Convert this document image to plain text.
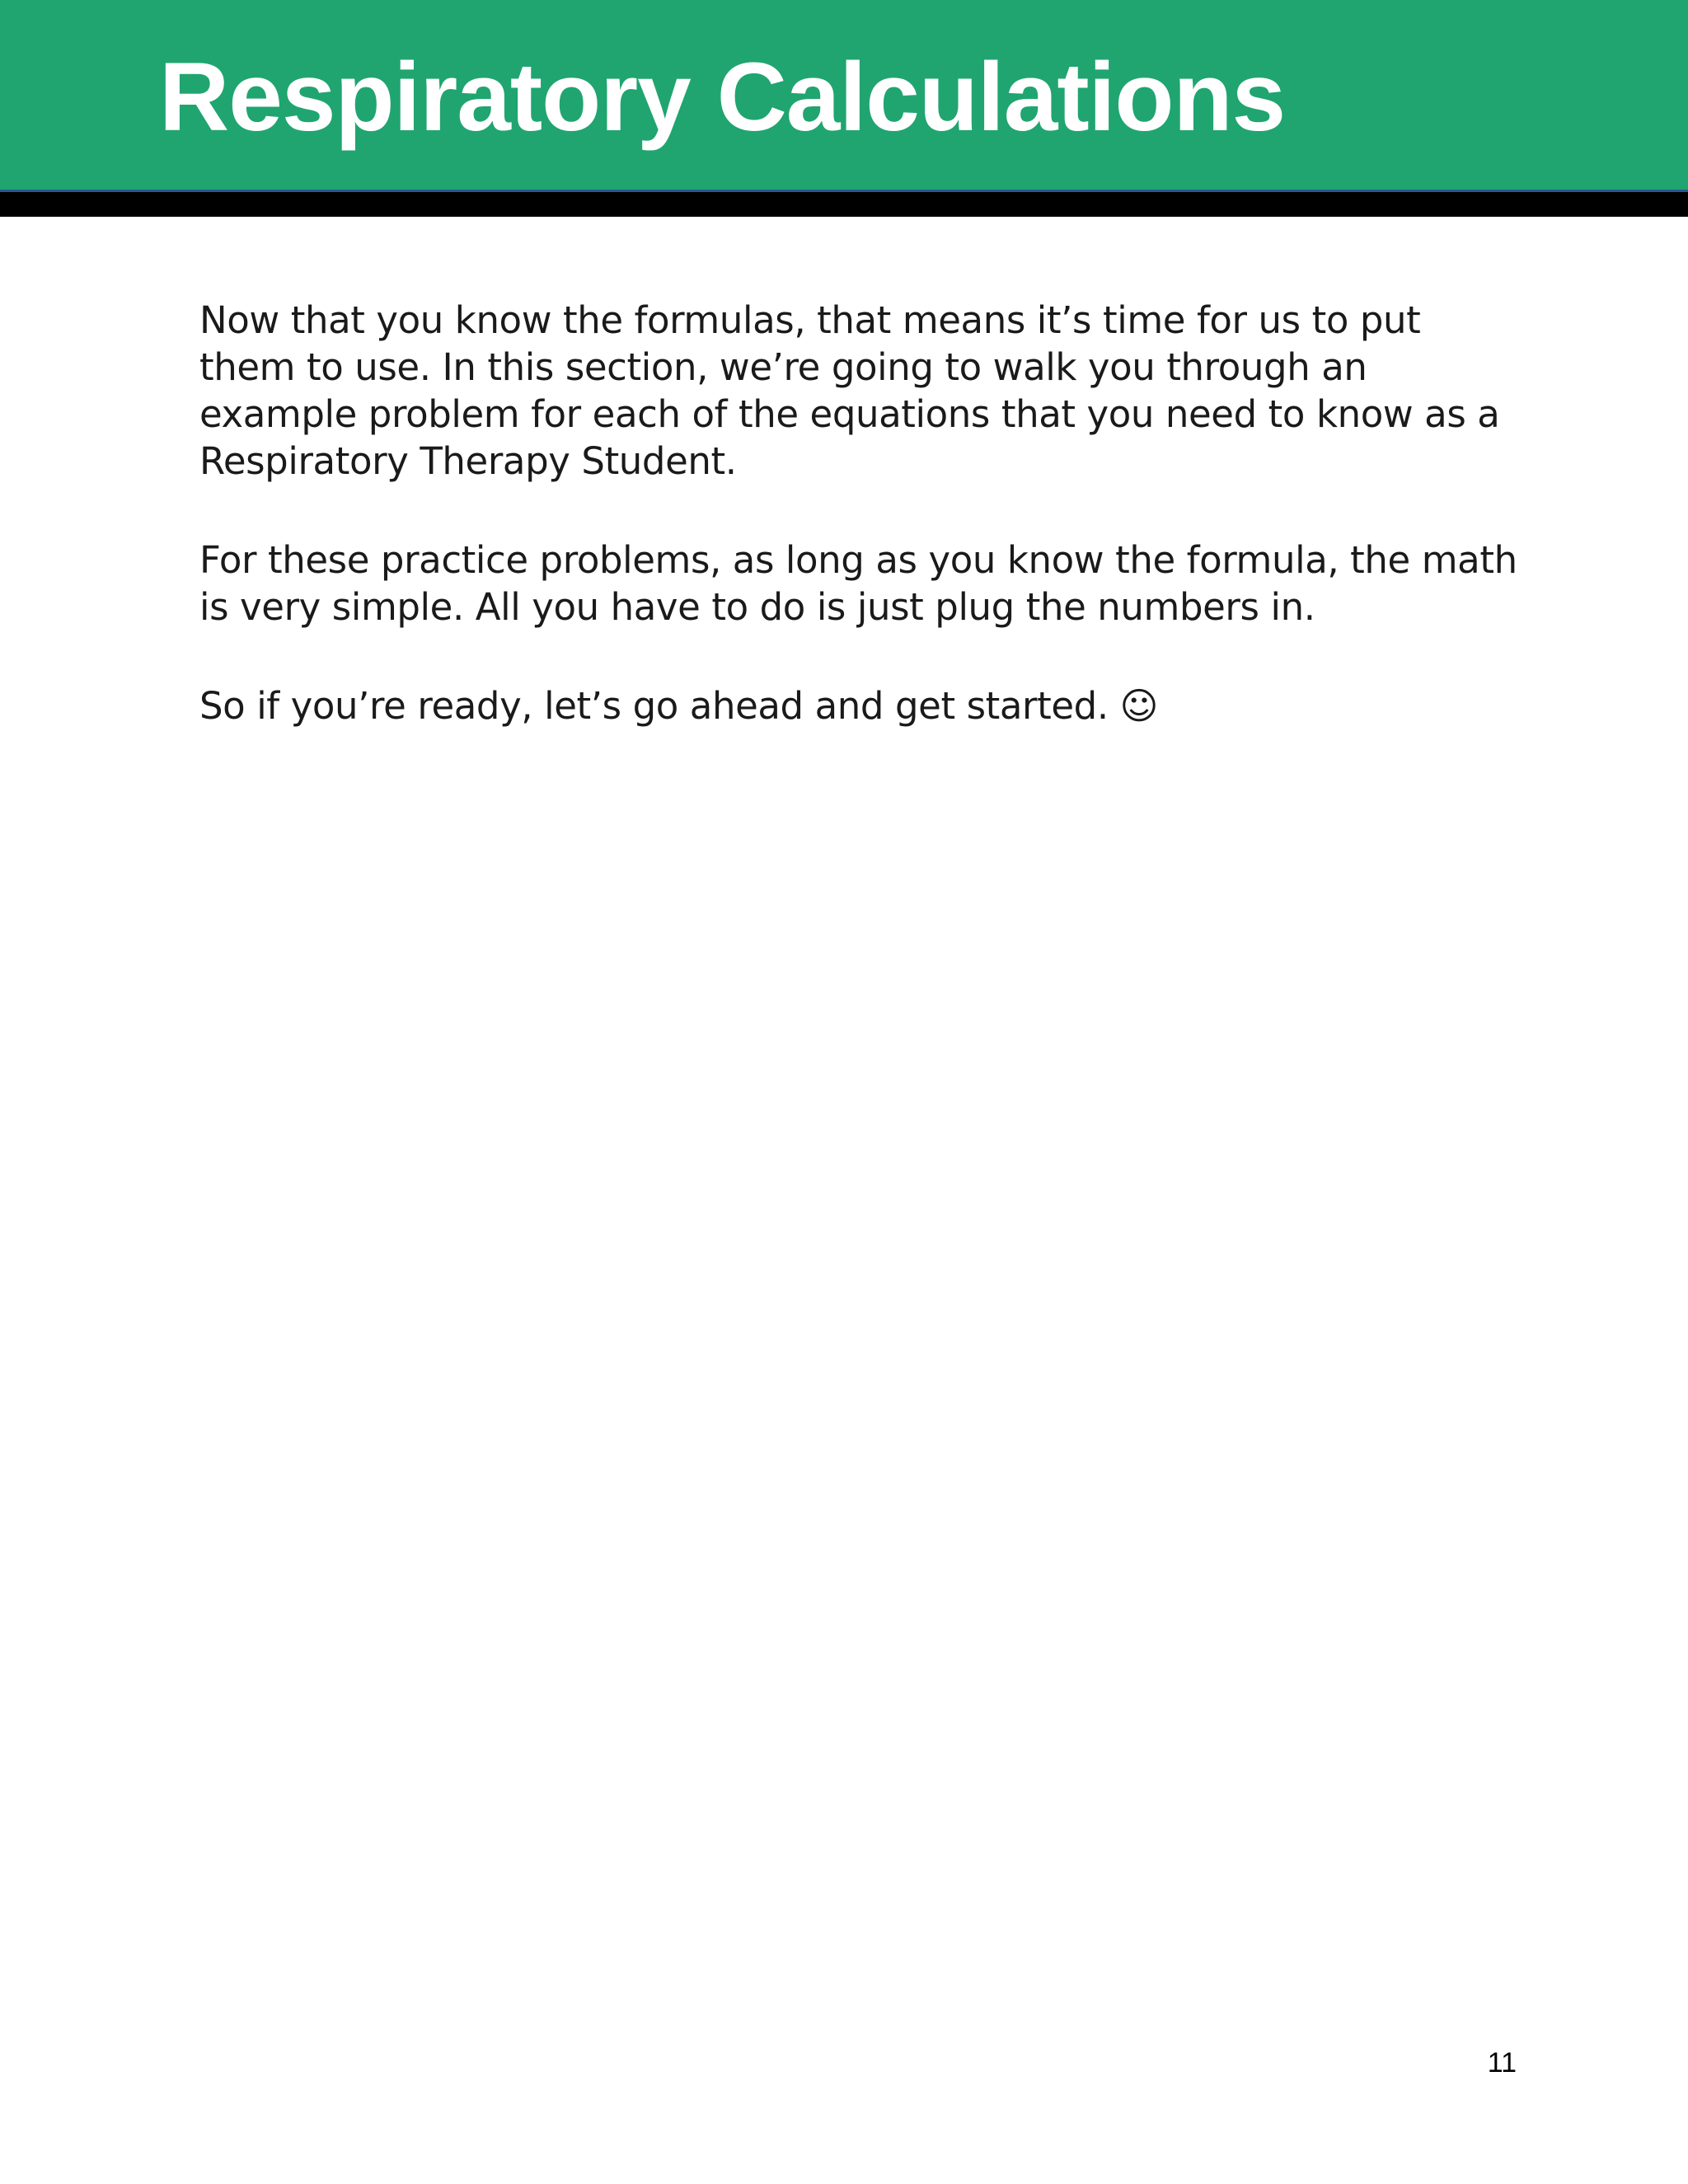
Respiratory Calculations

Now that you know the formulas, that means it’s time for us to put them to use. In this section, we’re going to walk you through an example problem for each of the equations that you need to know as a Respiratory Therapy Student.

For these practice problems, as long as you know the formula, the math is very simple. All you have to do is just plug the numbers in.

So if you’re ready, let’s go ahead and get started. ☺

11
